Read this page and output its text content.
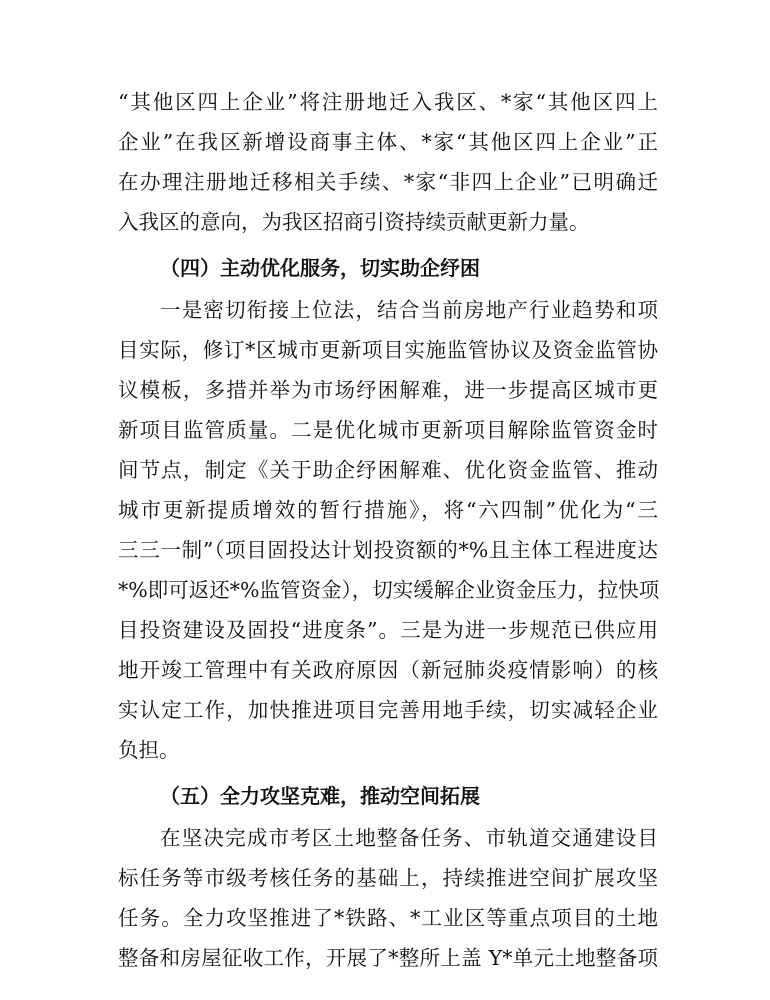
“其他区四上企业”将注册地迁入我区、*家“其他区四上
企业”在我区新增设商事主体、*家“其他区四上企业”正
在办理注册地迁移相关手续、*家“非四上企业”已明确迁
入我区的意向，为我区招商引资持续贡献更新力量。
（四）主动优化服务，切实助企纾困
一是密切衔接上位法，结合当前房地产行业趋势和项
目实际，修订*区城市更新项目实施监管协议及资金监管协
议模板，多措并举为市场纾困解难，进一步提高区城市更
新项目监管质量。二是优化城市更新项目解除监管资金时
间节点，制定《关于助企纾困解难、优化资金监管、推动
城市更新提质增效的暂行措施》，将“六四制”优化为“三
三三一制”（项目固投达计划投资额的*%且主体工程进度达
*%即可返还*%监管资金），切实缓解企业资金压力，拉快项
目投资建设及固投“进度条”。三是为进一步规范已供应用
地开竣工管理中有关政府原因（新冠肺炎疫情影响）的核
实认定工作，加快推进项目完善用地手续，切实减轻企业
负担。
（五）全力攻坚克难，推动空间拓展
在坚决完成市考区土地整备任务、市轨道交通建设目
标任务等市级考核任务的基础上，持续推进空间扩展攻坚
任务。全力攻坚推进了*铁路、*工业区等重点项目的土地
整备和房屋征收工作，开展了*整所上盖 Y*单元土地整备项
